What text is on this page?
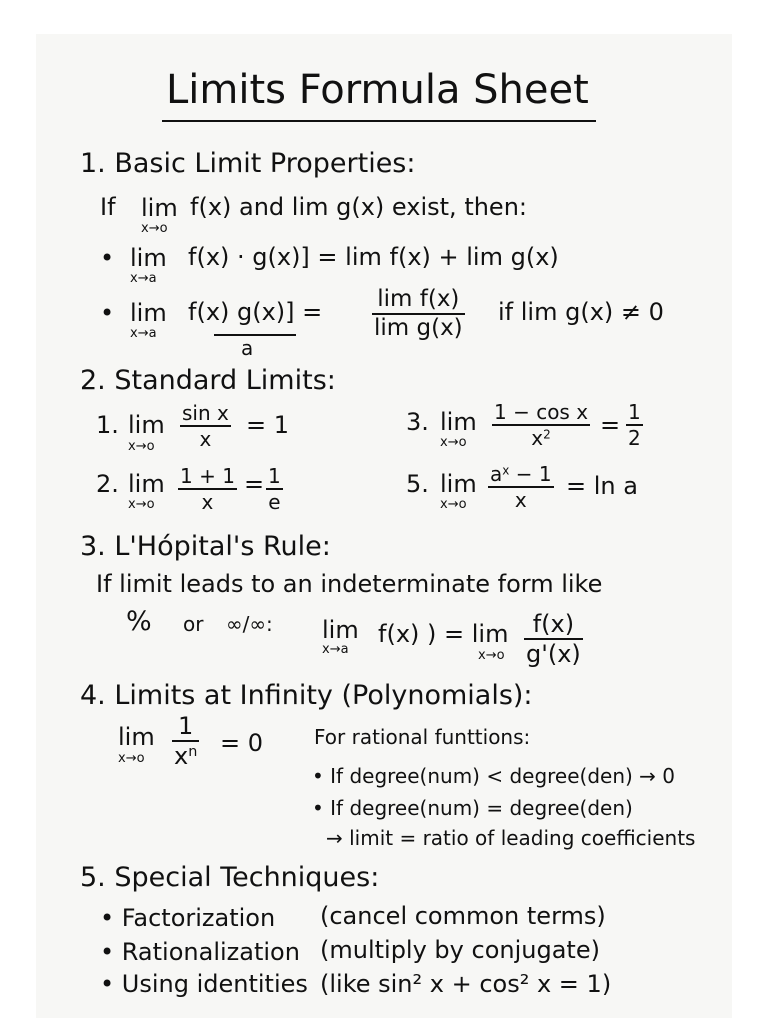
Limits Formula Sheet
1. Basic Limit Properties:
If lim
x→o
f(x) and lim g(x) exist, then:
• lim
x→a
f(x) · g(x)] = lim f(x) + lim g(x)
• lim
x→a
f(x) g(x)] =
a
lim f(x)
lim g(x)
if lim g(x) ≠ 0
2. Standard Limits:
1. lim
x→o
sin x
x = 1
2. lim
x→o
1 + 1
x
= 1
e
3. lim
x→o
1 − cos x
$x^2 = 1$
2
5. lim
x→o
$a^x - 1$
x = ln a
3. L'Hópital's Rule:
If limit leads to an indeterminate form like
% or ∞/∞: lim
x→a
f(x) ) = lim
x→o
f(x)
g'(x)
4. Limits at Infinity (Polynomials):
lim
x→o
1
$x^n = 0$	For rational funttions:
• If degree(num) < degree(den) → 0
• If degree(num) = degree(den)
→ limit = ratio of leading coefficients
5. Special Techniques:
• Factorization (cancel common terms)
• Rationalization (multiply by conjugate)
• Using identities (like sin² x + cos² x = 1)
